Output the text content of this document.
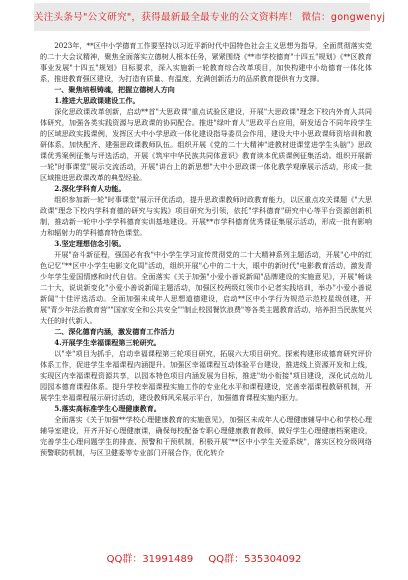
关注头条号"公文研究"，获得最新最全最专业的公文资料库！ 微信：gongwenyj

2023年，**区中小学德育工作要坚持以习近平新时代中国特色社会主义思想为指导，全面贯彻落实党的二十大会议精神，聚焦全面落实立德树人根本任务，紧紧围绕《**市学校德育"十四五"规划》《**区教育事业发展"十四五"规划》目标要求，深入实施新一轮教育综合改革项目，加快构建中小幼德育一体化体系，推进教育强区建设，为打造有质量、有温度，充满创新活力的品质教育提供有力支撑。

一、聚焦培根铸魂，把握立德树人方向

1.推进大思政课建设工作。

深化思政课改革创新，启动**首"大思政课"重点试验区建设，开展"大思政课"理念下校内外育人共同体研究，加强各类实践资源与思政课的协同配合。推进"绿叶育人"思政平台应用，研发适合不同年段学生的区域思政实践课例，发挥区大中小学思政一体化建设指导委员会作用，建设大中小思政课师资培训和教研体系，加快配齐、建强思政课教师队伍。组织开展《党的二十大精神"进教材进课堂进学生头脑"》思政课优秀案例征集与评选活动，开展《筑牢中华民族共同体意识》教育读本优质课例征集活动。组织开展新一轮"时事课堂"展示交流活动，开展"讲台上的新思想"大中小思政课一体化教学观摩展示活动，形成一批区域推进思政课改革的典型经验。

2.深化学科育人功能。

组织参加新一轮"时事课堂"展示评优活动，提升思政课教师时政教育能力，以区重点攻关课题《"大思政课"理念下校内学科育德的研究与实践》项目研究为引领，依托"学科德育"研究中心等平台资源创新机制，推动新一轮中小学学科德育实训基地建设。开展**市学科德育优秀课征集展示活动，形成一批有影响力和辐射力的学科德育特色课堂。

3.坚定理想信念引领。

开展"奋斗新征程，强国必有我"中小学生学习宣传贯彻党的二十大精神系列主题活动，开展"心中的红色记忆"**区中小学生电影文化周"活动，组织开展"心中的二十大，眼中的新时代"电影教育活动，激发青少年学生爱国情感和时代自信。全面落实《关于加强"小爱小善说新闻"品牌建设的实施意见》，开展"畅谈二十大，说说新变化"小爱小善说新闻主题活动，加强区校两级红领巾小记者实践培训，举办"小爱小善说新闻"十佳评选活动。全面加强未成年人思想道德建设，启动**区中小学行为规范示范校星级创建，开展"青少年法治教育营""国家安全和公共安全""制止校园餐饮浪费"等各类主题教育活动，培养担当民族复兴大任的时代新人。

二、深化德育内涵，激发德育工作活力

4.开展学生幸福课程第三轮研究。

以"幸"项目为抓手，启动幸福课程第三轮项目研究，拓展六大项目研究。探索构建形成德育研究评价体系工作，促进学生幸福课程内涵提升。加强区幸福课程互动体验平台建设，推进线上资源开发和上线，实现区内幸福课程资源共享，以园本特色项目内涵发展为目标，推进"幼小衔接"项目建设，深化试点幼儿园园本德育课程体系。提升学校幸福课程实施工作的专业化水平和课程建设，完善幸福课程教研机制，开展学生幸福课程展示研讨活动，建设教师风采展示平台，加强德育课程实施内驱力。

5.落实高标准学生心理健康教育。

全面落实《关于加强**学校心理健康教育的实施意见》，加强区未成年人心理健康辅导中心和学校心理辅导室建设，开齐开好心理健康课，确保每校配备专职心理健康教育教师，做好学生心理健康档案建设，完善学生心理问题学生的排查、预警和干预机制，积极开展"**区中小学生关爱系统"，落实区校分级网络预警联防机制，与区卫健委等专业部门开展合作，优化转介

QQ群：31991489 QQ群：535304092
